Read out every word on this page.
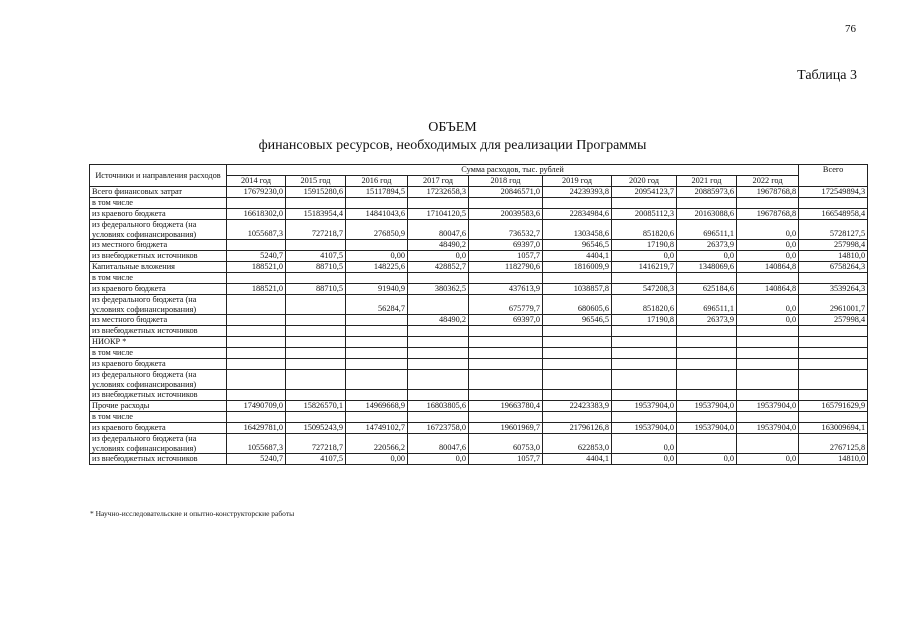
76
Таблица 3
ОБЪЕМ
финансовых ресурсов, необходимых для реализации Программы
Источники и направления расходов	Сумма расходов, тыс. рублей									Всего
	2014 год	2015 год	2016 год	2017 год	2018 год	2019 год	2020 год	2021 год	2022 год	
Всего финансовых затрат	17679230,0	15915280,6	15117894,5	17232658,3	20846571,0	24239393,8	20954123,7	20885973,6	19678768,8	172549894,3
в том числе										
из краевого бюджета	16618302,0	15183954,4	14841043,6	17104120,5	20039583,6	22834984,6	20085112,3	20163088,6	19678768,8	166548958,4
из федерального бюджета (на условиях софинансирования)	1055687,3	727218,7	276850,9	80047,6	736532,7	1303458,6	851820,6	696511,1	0,0	5728127,5
из местного бюджета				48490,2	69397,0	96546,5	17190,8	26373,9	0,0	257998,4
из внебюджетных источников	5240,7	4107,5	0,00	0,0	1057,7	4404,1	0,0	0,0	0,0	14810,0
Капитальные вложения	188521,0	88710,5	148225,6	428852,7	1182790,6	1816009,9	1416219,7	1348069,6	140864,8	6758264,3
в том числе										
из краевого бюджета	188521,0	88710,5	91940,9	380362,5	437613,9	1038857,8	547208,3	625184,6	140864,8	3539264,3
из федерального бюджета (на условиях софинансирования)			56284,7		675779,7	680605,6	851820,6	696511,1	0,0	2961001,7
из местного бюджета				48490,2	69397,0	96546,5	17190,8	26373,9	0,0	257998,4
из внебюджетных источников										
НИОКР *										
в том числе										
из краевого бюджета										
из федерального бюджета (на условиях софинансирования)										
из внебюджетных источников										
Прочие расходы	17490709,0	15826570,1	14969668,9	16803805,6	19663780,4	22423383,9	19537904,0	19537904,0	19537904,0	165791629,9
в том числе										
из краевого бюджета	16429781,0	15095243,9	14749102,7	16723758,0	19601969,7	21796126,8	19537904,0	19537904,0	19537904,0	163009694,1
из федерального бюджета (на условиях софинансирования)	1055687,3	727218,7	220566,2	80047,6	60753,0	622853,0	0,0			2767125,8
из внебюджетных источников	5240,7	4107,5	0,00	0,0	1057,7	4404,1	0,0	0,0	0,0	14810,0
* Научно-исследовательские и опытно-конструкторские работы
